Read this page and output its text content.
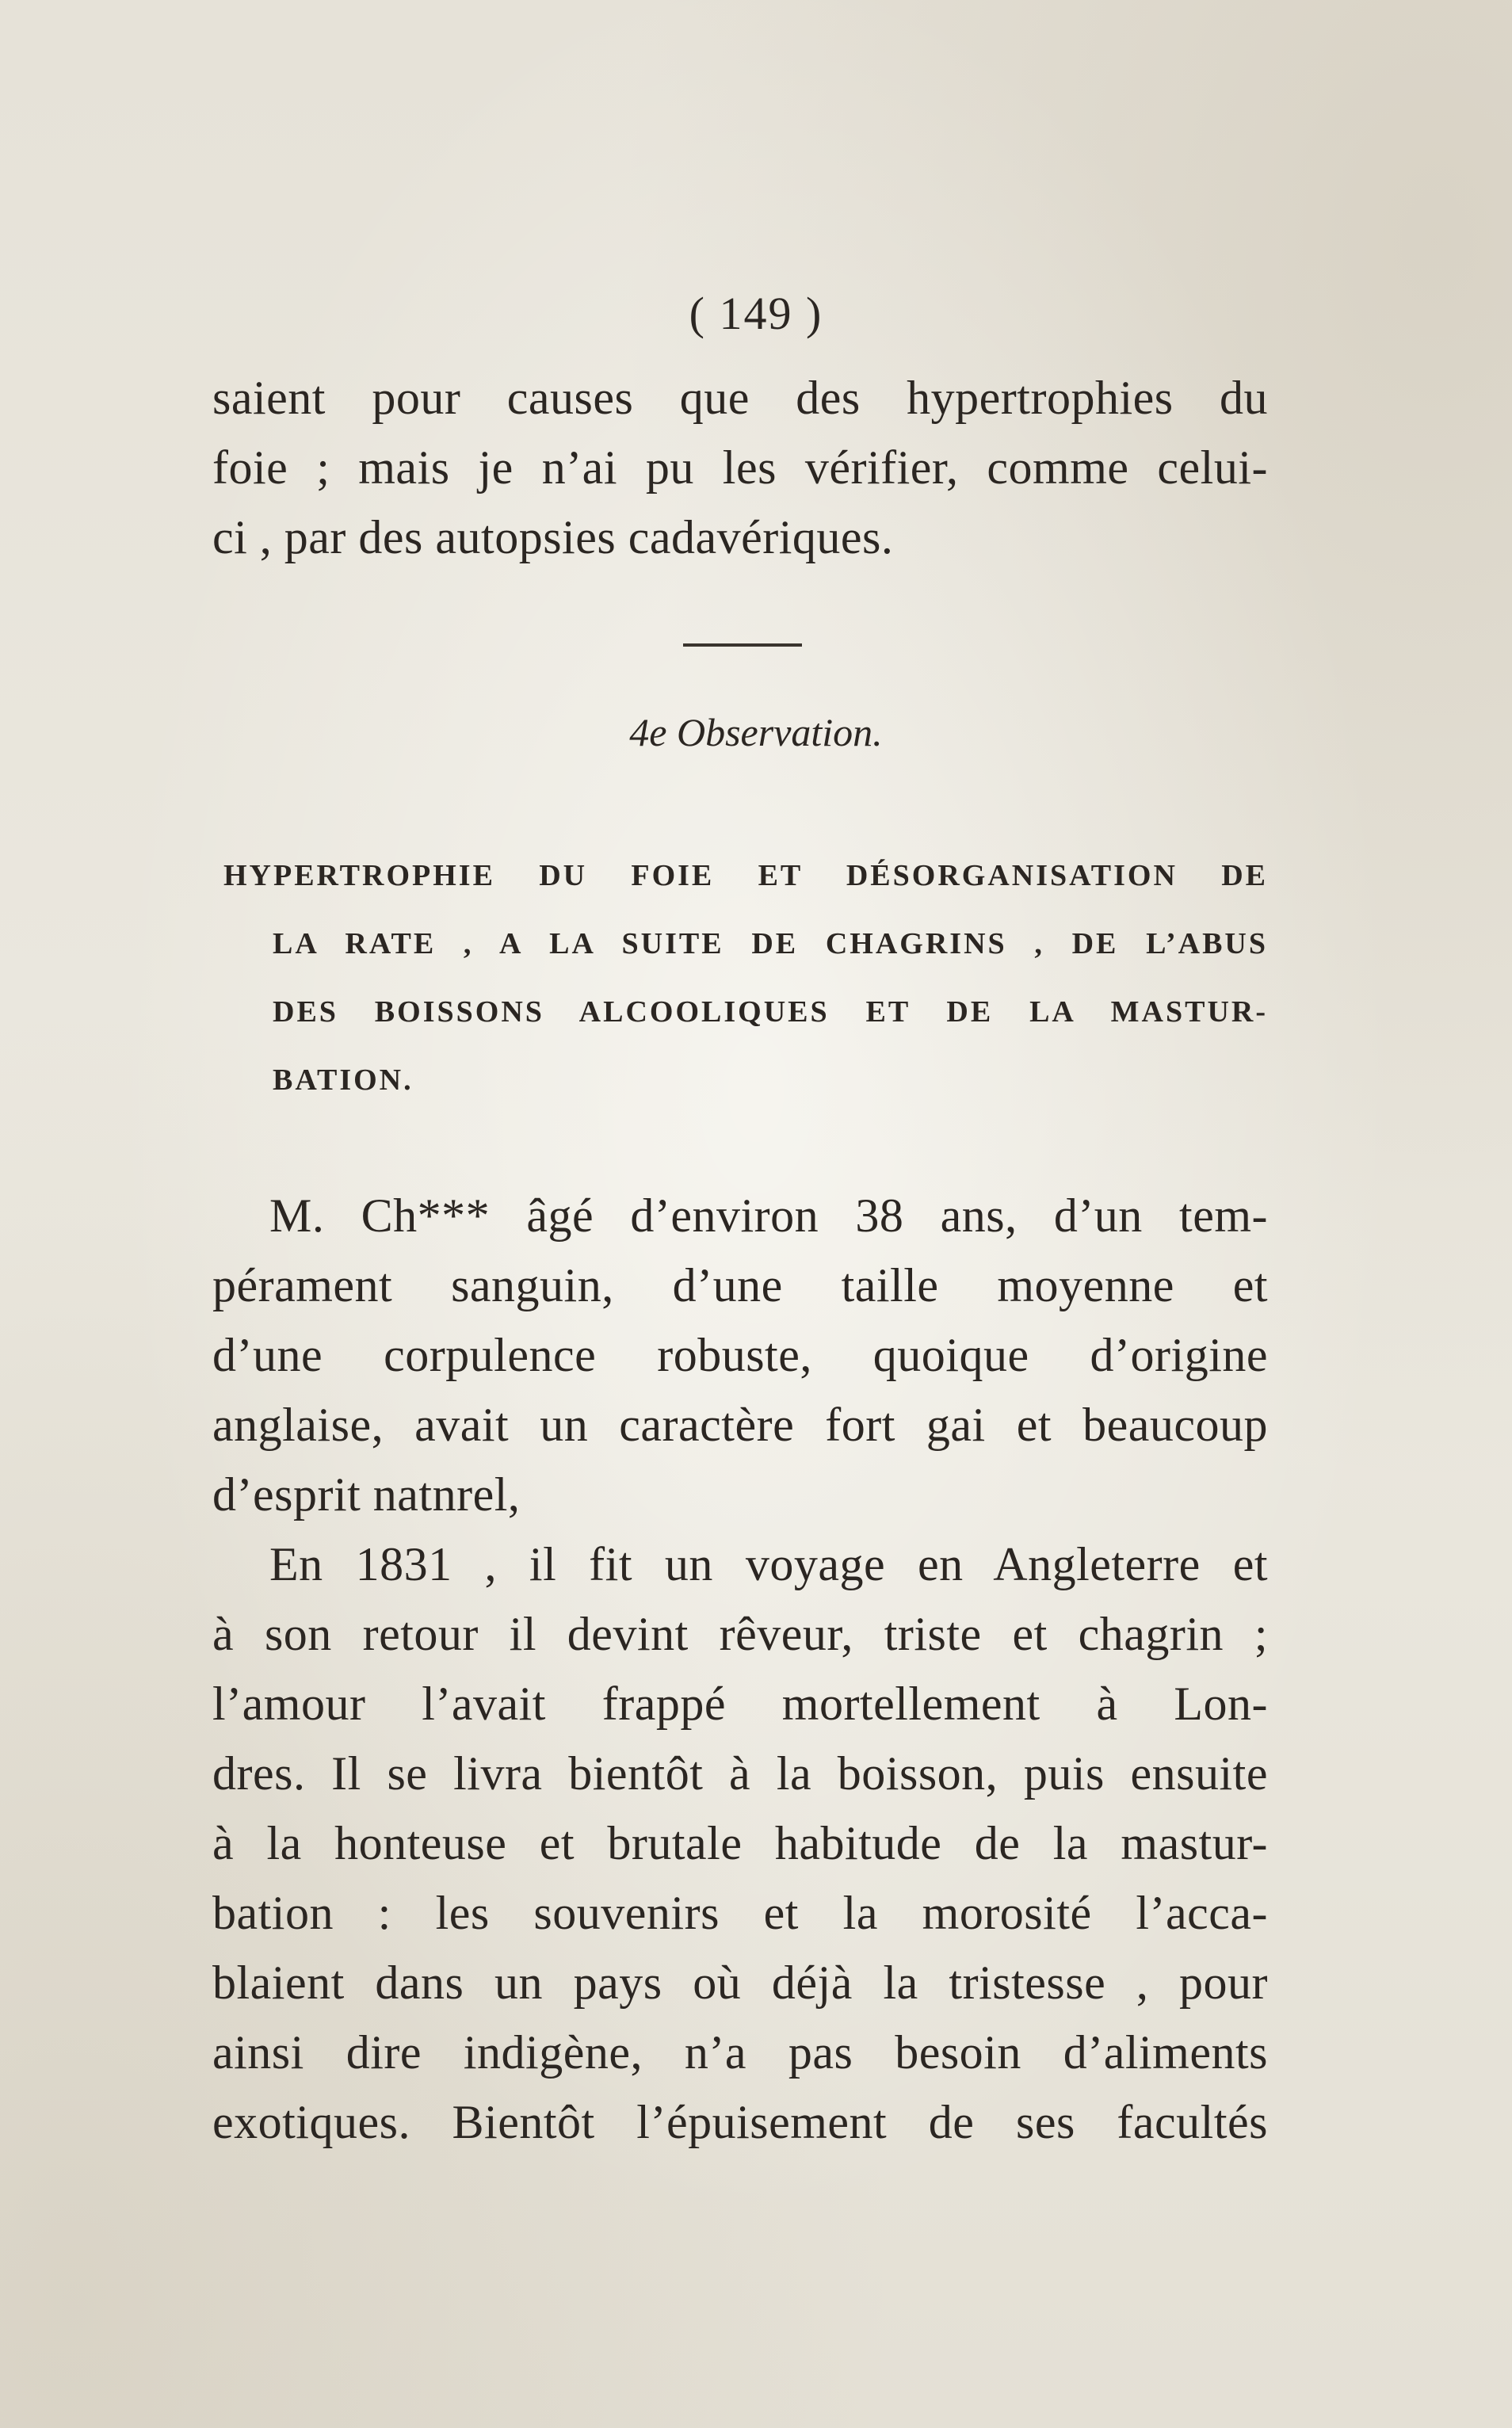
( 149 )
saient pour causes que des hypertrophies du
foie ; mais je n’ai pu les vérifier, comme celui-
ci , par des autopsies cadavériques.
4e Observation.
HYPERTROPHIE DU FOIE ET DÉSORGANISATION DE
LA RATE , A LA SUITE DE CHAGRINS , DE L’ABUS
DES BOISSONS ALCOOLIQUES ET DE LA MASTUR-
BATION.
M. Ch*** âgé d’environ 38 ans, d’un tem-
pérament sanguin, d’une taille moyenne et
d’une corpulence robuste, quoique d’origine
anglaise, avait un caractère fort gai et beaucoup
d’esprit natnrel,
En 1831 , il fit un voyage en Angleterre et
à son retour il devint rêveur, triste et chagrin ;
l’amour l’avait frappé mortellement à Lon-
dres. Il se livra bientôt à la boisson, puis ensuite
à la honteuse et brutale habitude de la mastur-
bation : les souvenirs et la morosité l’acca-
blaient dans un pays où déjà la tristesse , pour
ainsi dire indigène, n’a pas besoin d’aliments
exotiques. Bientôt l’épuisement de ses facultés
